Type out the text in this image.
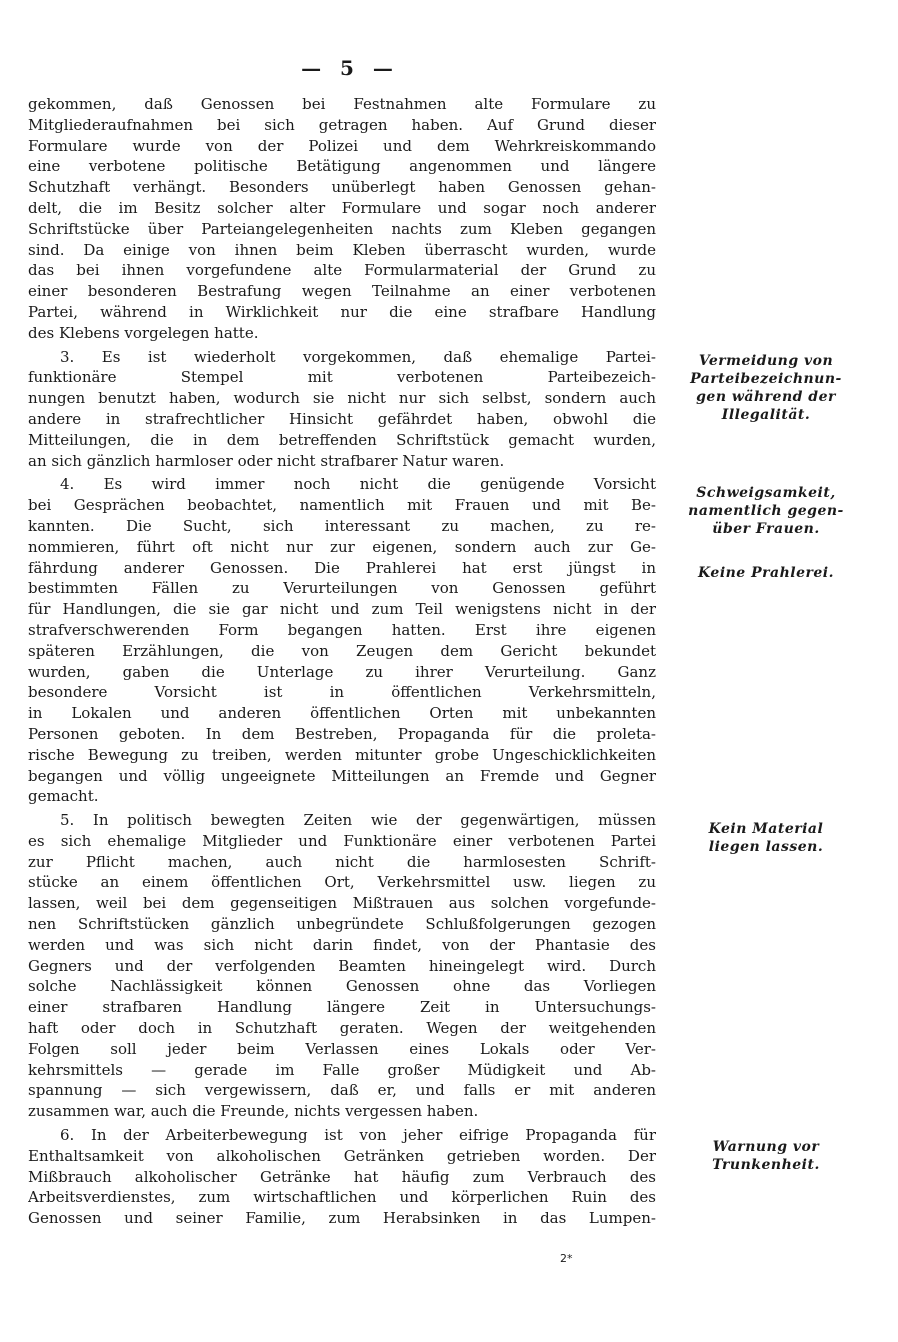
— 5 —

gekommen, daß Genossen bei Festnahmen alte Formulare zu
Mitgliederaufnahmen bei sich getragen haben. Auf Grund dieser
Formulare wurde von der Polizei und dem Wehrkreiskommando
eine verbotene politische Betätigung angenommen und längere
Schutzhaft verhängt. Besonders unüberlegt haben Genossen gehan-
delt, die im Besitz solcher alter Formulare und sogar noch anderer
Schriftstücke über Parteiangelegenheiten nachts zum Kleben gegangen
sind. Da einige von ihnen beim Kleben überrascht wurden, wurde
das bei ihnen vorgefundene alte Formularmaterial der Grund zu
einer besonderen Bestrafung wegen Teilnahme an einer verbotenen
Partei, während in Wirklichkeit nur die eine strafbare Handlung
des Klebens vorgelegen hatte.

3. Es ist wiederholt vorgekommen, daß ehemalige Partei-
funktionäre Stempel mit verbotenen Parteibezeich-
nungen benutzt haben, wodurch sie nicht nur sich selbst, sondern auch
andere in strafrechtlicher Hinsicht gefährdet haben, obwohl die
Mitteilungen, die in dem betreffenden Schriftstück gemacht wurden,
an sich gänzlich harmloser oder nicht strafbarer Natur waren.

4. Es wird immer noch nicht die genügende Vorsicht
bei Gesprächen beobachtet, namentlich mit Frauen und mit Be-
kannten. Die Sucht, sich interessant zu machen, zu re-
nommieren, führt oft nicht nur zur eigenen, sondern auch zur Ge-
fährdung anderer Genossen. Die Prahlerei hat erst jüngst in
bestimmten Fällen zu Verurteilungen von Genossen geführt
für Handlungen, die sie gar nicht und zum Teil wenigstens nicht in der
strafverschwerenden Form begangen hatten. Erst ihre eigenen
späteren Erzählungen, die von Zeugen dem Gericht bekundet
wurden, gaben die Unterlage zu ihrer Verurteilung. Ganz
besondere Vorsicht ist in öffentlichen Verkehrsmitteln,
in Lokalen und anderen öffentlichen Orten mit unbekannten
Personen geboten. In dem Bestreben, Propaganda für die proleta-
rische Bewegung zu treiben, werden mitunter grobe Ungeschicklichkeiten
begangen und völlig ungeeignete Mitteilungen an Fremde und Gegner
gemacht.

5. In politisch bewegten Zeiten wie der gegenwärtigen, müssen
es sich ehemalige Mitglieder und Funktionäre einer verbotenen Partei
zur Pflicht machen, auch nicht die harmlosesten Schrift-
stücke an einem öffentlichen Ort, Verkehrsmittel usw. liegen zu
lassen, weil bei dem gegenseitigen Mißtrauen aus solchen vorgefunde-
nen Schriftstücken gänzlich unbegründete Schlußfolgerungen gezogen
werden und was sich nicht darin findet, von der Phantasie des
Gegners und der verfolgenden Beamten hineingelegt wird. Durch
solche Nachlässigkeit können Genossen ohne das Vorliegen
einer strafbaren Handlung längere Zeit in Untersuchungs-
haft oder doch in Schutzhaft geraten. Wegen der weitgehenden
Folgen soll jeder beim Verlassen eines Lokals oder Ver-
kehrsmittels — gerade im Falle großer Müdigkeit und Ab-
spannung — sich vergewissern, daß er, und falls er mit anderen
zusammen war, auch die Freunde, nichts vergessen haben.

6. In der Arbeiterbewegung ist von jeher eifrige Propaganda für
Enthaltsamkeit von alkoholischen Getränken getrieben worden. Der
Mißbrauch alkoholischer Getränke hat häufig zum Verbrauch des
Arbeitsverdienstes, zum wirtschaftlichen und körperlichen Ruin des
Genossen und seiner Familie, zum Herabsinken in das Lumpen-

Vermeidung von
Parteibezeichnun-
gen während der
Illegalität.
Schweigsamkeit,
namentlich gegen-
über Frauen.
Keine Prahlerei.
Kein Material
liegen lassen.
Warnung vor
Trunkenheit.
2*
